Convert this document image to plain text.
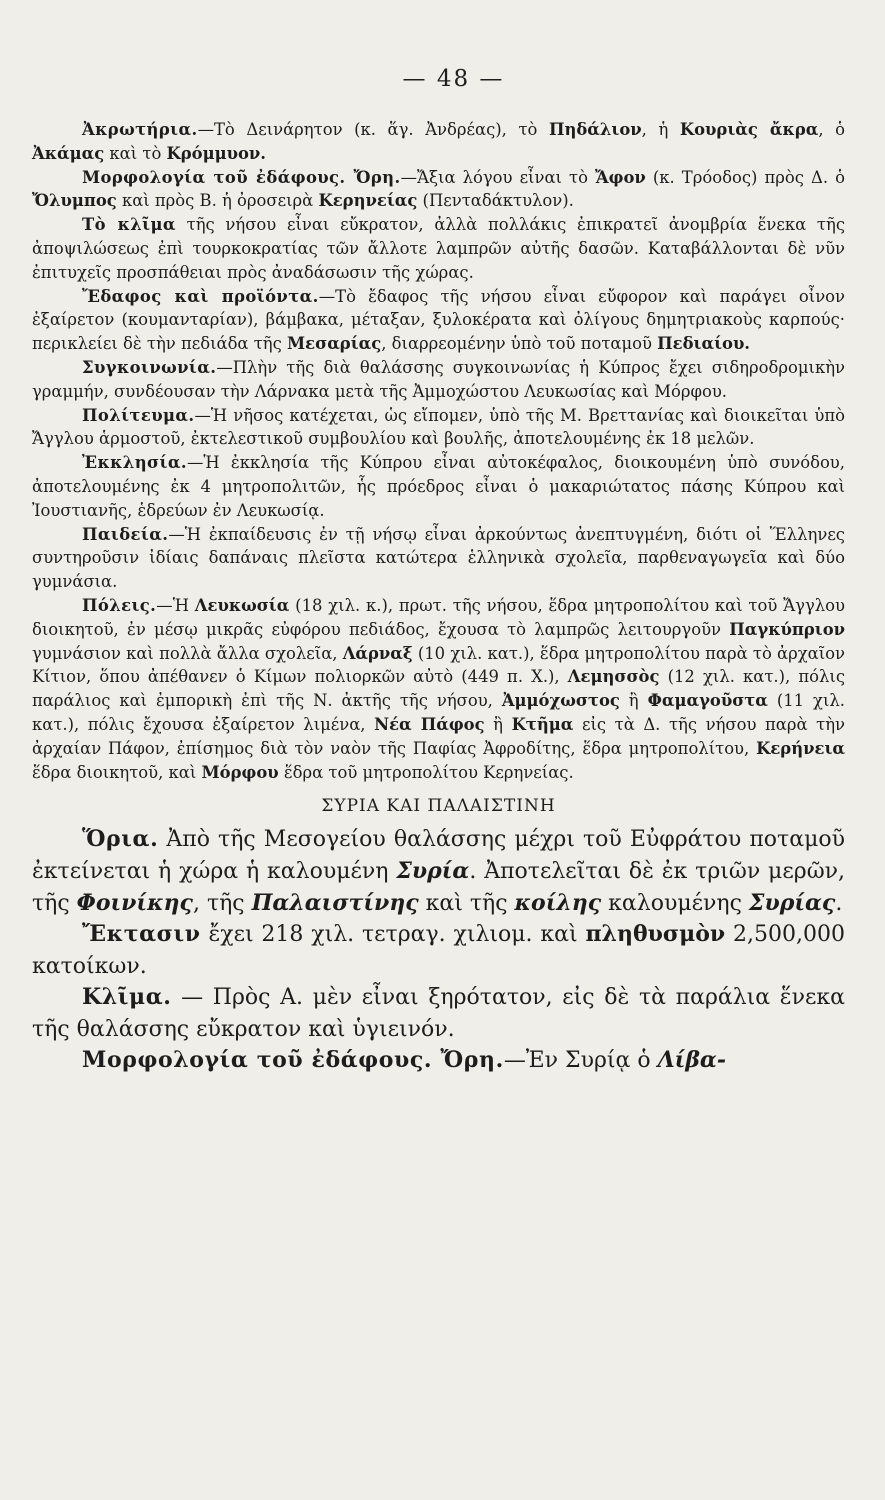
— 48 —

Ἀκρωτήρια.—Τὸ Δεινάρητον (κ. ἅγ. Ἀνδρέας), τὸ Πηδάλιον, ἡ Κουριὰς ἄκρα, ὁ Ἀκάμας καὶ τὸ Κρόμμυον.

Μορφολογία τοῦ ἐδάφους. Ὄρη.—Ἄξια λόγου εἶναι τὸ Ἄφον (κ. Τρόοδος) πρὸς Δ. ὁ Ὄλυμπος καὶ πρὸς Β. ἡ ὀροσειρὰ Κερηνείας (Πενταδάκτυλον).

Τὸ κλῖμα τῆς νήσου εἶναι εὔκρατον, ἀλλὰ πολλάκις ἐπικρατεῖ ἀνομβρία ἕνεκα τῆς ἀποψιλώσεως ἐπὶ τουρκοκρατίας τῶν ἄλλοτε λαμπρῶν αὐτῆς δασῶν. Καταβάλλονται δὲ νῦν ἐπιτυχεῖς προσπάθειαι πρὸς ἀναδάσωσιν τῆς χώρας.

Ἔδαφος καὶ προϊόντα.—Τὸ ἔδαφος τῆς νήσου εἶναι εὔφορον καὶ παράγει οἶνον ἐξαίρετον (κουμανταρίαν), βάμβακα, μέταξαν, ξυλοκέρατα καὶ ὀλίγους δημητριακοὺς καρπούς· περικλείει δὲ τὴν πεδιάδα τῆς Μεσαρίας, διαρρεομένην ὑπὸ τοῦ ποταμοῦ Πεδιαίου.

Συγκοινωνία.—Πλὴν τῆς διὰ θαλάσσης συγκοινωνίας ἡ Κύπρος ἔχει σιδηροδρομικὴν γραμμήν, συνδέουσαν τὴν Λάρνακα μετὰ τῆς Ἀμμοχώστου Λευκωσίας καὶ Μόρφου.

Πολίτευμα.—Ἡ νῆσος κατέχεται, ὡς εἴπομεν, ὑπὸ τῆς Μ. Βρεττανίας καὶ διοικεῖται ὑπὸ Ἄγγλου ἁρμοστοῦ, ἐκτελεστικοῦ συμβουλίου καὶ βουλῆς, ἀποτελουμένης ἐκ 18 μελῶν.

Ἐκκλησία.—Ἡ ἐκκλησία τῆς Κύπρου εἶναι αὐτοκέφαλος, διοικουμένη ὑπὸ συνόδου, ἀποτελουμένης ἐκ 4 μητροπολιτῶν, ἧς πρόεδρος εἶναι ὁ μακαριώτατος πάσης Κύπρου καὶ Ἰουστιανῆς, ἑδρεύων ἐν Λευκωσίᾳ.

Παιδεία.—Ἡ ἐκπαίδευσις ἐν τῇ νήσῳ εἶναι ἀρκούντως ἀνεπτυγμένη, διότι οἱ Ἕλληνες συντηροῦσιν ἰδίαις δαπάναις πλεῖστα κατώτερα ἑλληνικὰ σχολεῖα, παρθεναγωγεῖα καὶ δύο γυμνάσια.

Πόλεις.—Ἡ Λευκωσία (18 χιλ. κ.), πρωτ. τῆς νήσου, ἕδρα μητροπολίτου καὶ τοῦ Ἄγγλου διοικητοῦ, ἐν μέσῳ μικρᾶς εὐφόρου πεδιάδος, ἔχουσα τὸ λαμπρῶς λειτουργοῦν Παγκύπριον γυμνάσιον καὶ πολλὰ ἄλλα σχολεῖα, Λάρναξ (10 χιλ. κατ.), ἕδρα μητροπολίτου παρὰ τὸ ἀρχαῖον Κίτιον, ὅπου ἀπέθανεν ὁ Κίμων πολιορκῶν αὐτὸ (449 π. Χ.), Λεμησσὸς (12 χιλ. κατ.), πόλις παράλιος καὶ ἐμπορικὴ ἐπὶ τῆς Ν. ἀκτῆς τῆς νήσου, Ἀμμόχωστος ἢ Φαμαγοῦστα (11 χιλ. κατ.), πόλις ἔχουσα ἐξαίρετον λιμένα, Νέα Πάφος ἢ Κτῆμα εἰς τὰ Δ. τῆς νήσου παρὰ τὴν ἀρχαίαν Πάφον, ἐπίσημος διὰ τὸν ναὸν τῆς Παφίας Ἀφροδίτης, ἕδρα μητροπολίτου, Κερήνεια ἕδρα διοικητοῦ, καὶ Μόρφου ἕδρα τοῦ μητροπολίτου Κερηνείας.

ΣΥΡΙΑ ΚΑΙ ΠΑΛΑΙΣΤΙΝΗ

Ὅρια. Ἀπὸ τῆς Μεσογείου θαλάσσης μέχρι τοῦ Εὐφράτου ποταμοῦ ἐκτείνεται ἡ χώρα ἡ καλουμένη Συρία. Ἀποτελεῖται δὲ ἐκ τριῶν μερῶν, τῆς Φοινίκης, τῆς Παλαιστίνης καὶ τῆς κοίλης καλουμένης Συρίας.

Ἔκτασιν ἔχει 218 χιλ. τετραγ. χιλιομ. καὶ πληθυσμὸν 2,500,000 κατοίκων.

Κλῖμα. — Πρὸς Α. μὲν εἶναι ξηρότατον, εἰς δὲ τὰ παράλια ἕνεκα τῆς θαλάσσης εὔκρατον καὶ ὑγιεινόν.

Μορφολογία τοῦ ἐδάφους. Ὄρη.—Ἐν Συρίᾳ ὁ Λίβα-
